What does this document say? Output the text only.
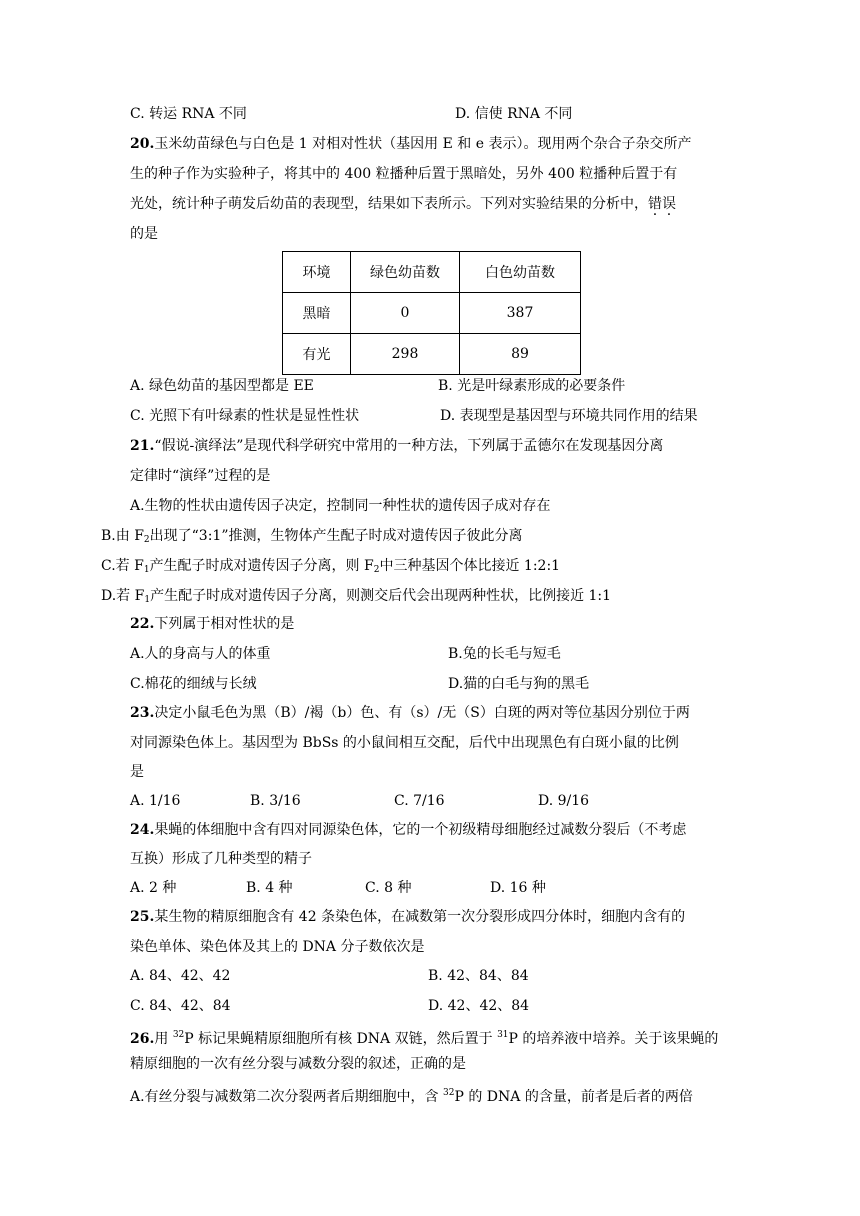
C. 转运 RNA 不同	D. 信使 RNA 不同
20.玉米幼苗绿色与白色是 1 对相对性状（基因用 E 和 e 表示）。现用两个杂合子杂交所产
生的种子作为实验种子，将其中的 400 粒播种后置于黑暗处，另外 400 粒播种后置于有
光处，统计种子萌发后幼苗的表现型，结果如下表所示。下列对实验结果的分析中，错误
的是
环境	绿色幼苗数	白色幼苗数
黑暗	0	387
有光	298	89
A. 绿色幼苗的基因型都是 EE	B. 光是叶绿素形成的必要条件
C. 光照下有叶绿素的性状是显性性状	D. 表现型是基因型与环境共同作用的结果
21.“假说-演绎法”是现代科学研究中常用的一种方法，下列属于孟德尔在发现基因分离
定律时“演绎”过程的是
A.生物的性状由遗传因子决定，控制同一种性状的遗传因子成对存在
B.由 $F_2$出现了“3:1”推测，生物体产生配子时成对遗传因子彼此分离
C.若 $F_1$产生配子时成对遗传因子分离，则 $F_2$中三种基因个体比接近 1:2:1
D.若 $F_1$产生配子时成对遗传因子分离，则测交后代会出现两种性状，比例接近 1:1
22.下列属于相对性状的是
A.人的身高与人的体重	B.兔的长毛与短毛
C.棉花的细绒与长绒	D.猫的白毛与狗的黑毛
23.决定小鼠毛色为黑（B）/褐（b）色、有（s）/无（S）白斑的两对等位基因分别位于两
对同源染色体上。基因型为 BbSs 的小鼠间相互交配，后代中出现黑色有白斑小鼠的比例
是
A. 1/16	B. 3/16	C. 7/16	D. 9/16
24.果蝇的体细胞中含有四对同源染色体，它的一个初级精母细胞经过减数分裂后（不考虑
互换）形成了几种类型的精子
A. 2 种	B. 4 种	C. 8 种	D. 16 种
25.某生物的精原细胞含有 42 条染色体，在减数第一次分裂形成四分体时，细胞内含有的
染色单体、染色体及其上的 DNA 分子数依次是
A. 84、42、42	B. 42、84、84
C. 84、42、84	D. 42、42、84
26.用 $^{32}$P 标记果蝇精原细胞所有核 DNA 双链，然后置于 $^{31}$P 的培养液中培养。关于该果蝇的
精原细胞的一次有丝分裂与减数分裂的叙述，正确的是
A.有丝分裂与减数第二次分裂两者后期细胞中，含 $^{32}$P 的 DNA 的含量，前者是后者的两倍
